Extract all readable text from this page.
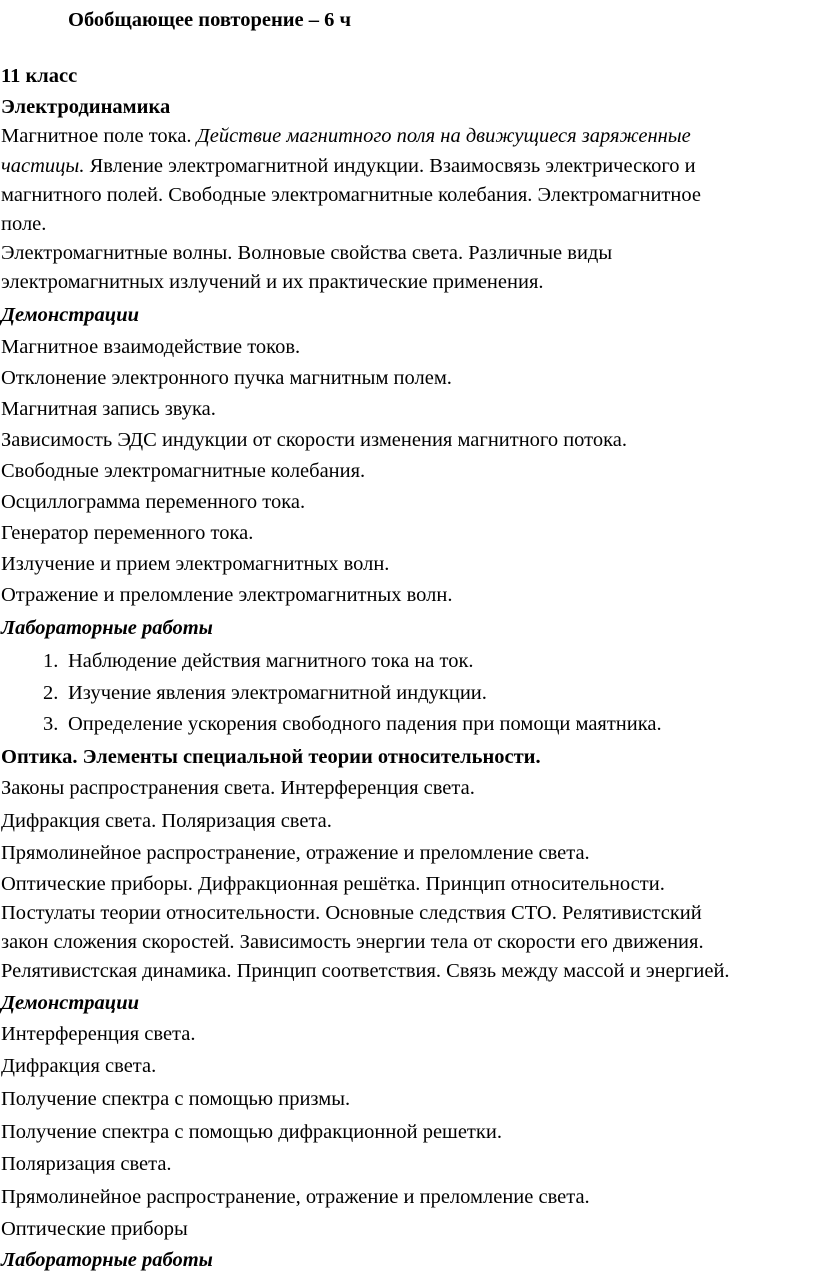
Обобщающее повторение – 6 ч
11 класс
Электродинамика
Магнитное поле тока. Действие магнитного поля на движущиеся заряженные
частицы. Явление электромагнитной индукции. Взаимосвязь электрического и
магнитного полей. Свободные электромагнитные колебания. Электромагнитное
поле.
Электромагнитные волны. Волновые свойства света. Различные виды
электромагнитных излучений и их практические применения.
Демонстрации
Магнитное взаимодействие токов.
Отклонение электронного пучка магнитным полем.
Магнитная запись звука.
Зависимость ЭДС индукции от скорости изменения магнитного потока.
Свободные электромагнитные колебания.
Осциллограмма переменного тока.
Генератор переменного тока.
Излучение и прием электромагнитных волн.
Отражение и преломление электромагнитных волн.
Лабораторные работы
1. Наблюдение действия магнитного тока на ток.
2. Изучение явления электромагнитной индукции.
3. Определение ускорения свободного падения при помощи маятника.
Оптика. Элементы специальной теории относительности.
Законы распространения света. Интерференция света.
Дифракция света. Поляризация света.
Прямолинейное распространение, отражение и преломление света.
Оптические приборы. Дифракционная решётка. Принцип относительности.
Постулаты теории относительности. Основные следствия СТО. Релятивистский
закон сложения скоростей. Зависимость энергии тела от скорости его движения.
Релятивистская динамика. Принцип соответствия. Связь между массой и энергией.
Демонстрации
Интерференция света.
Дифракция света.
Получение спектра с помощью призмы.
Получение спектра с помощью дифракционной решетки.
Поляризация света.
Прямолинейное распространение, отражение и преломление света.
Оптические приборы
Лабораторные работы
